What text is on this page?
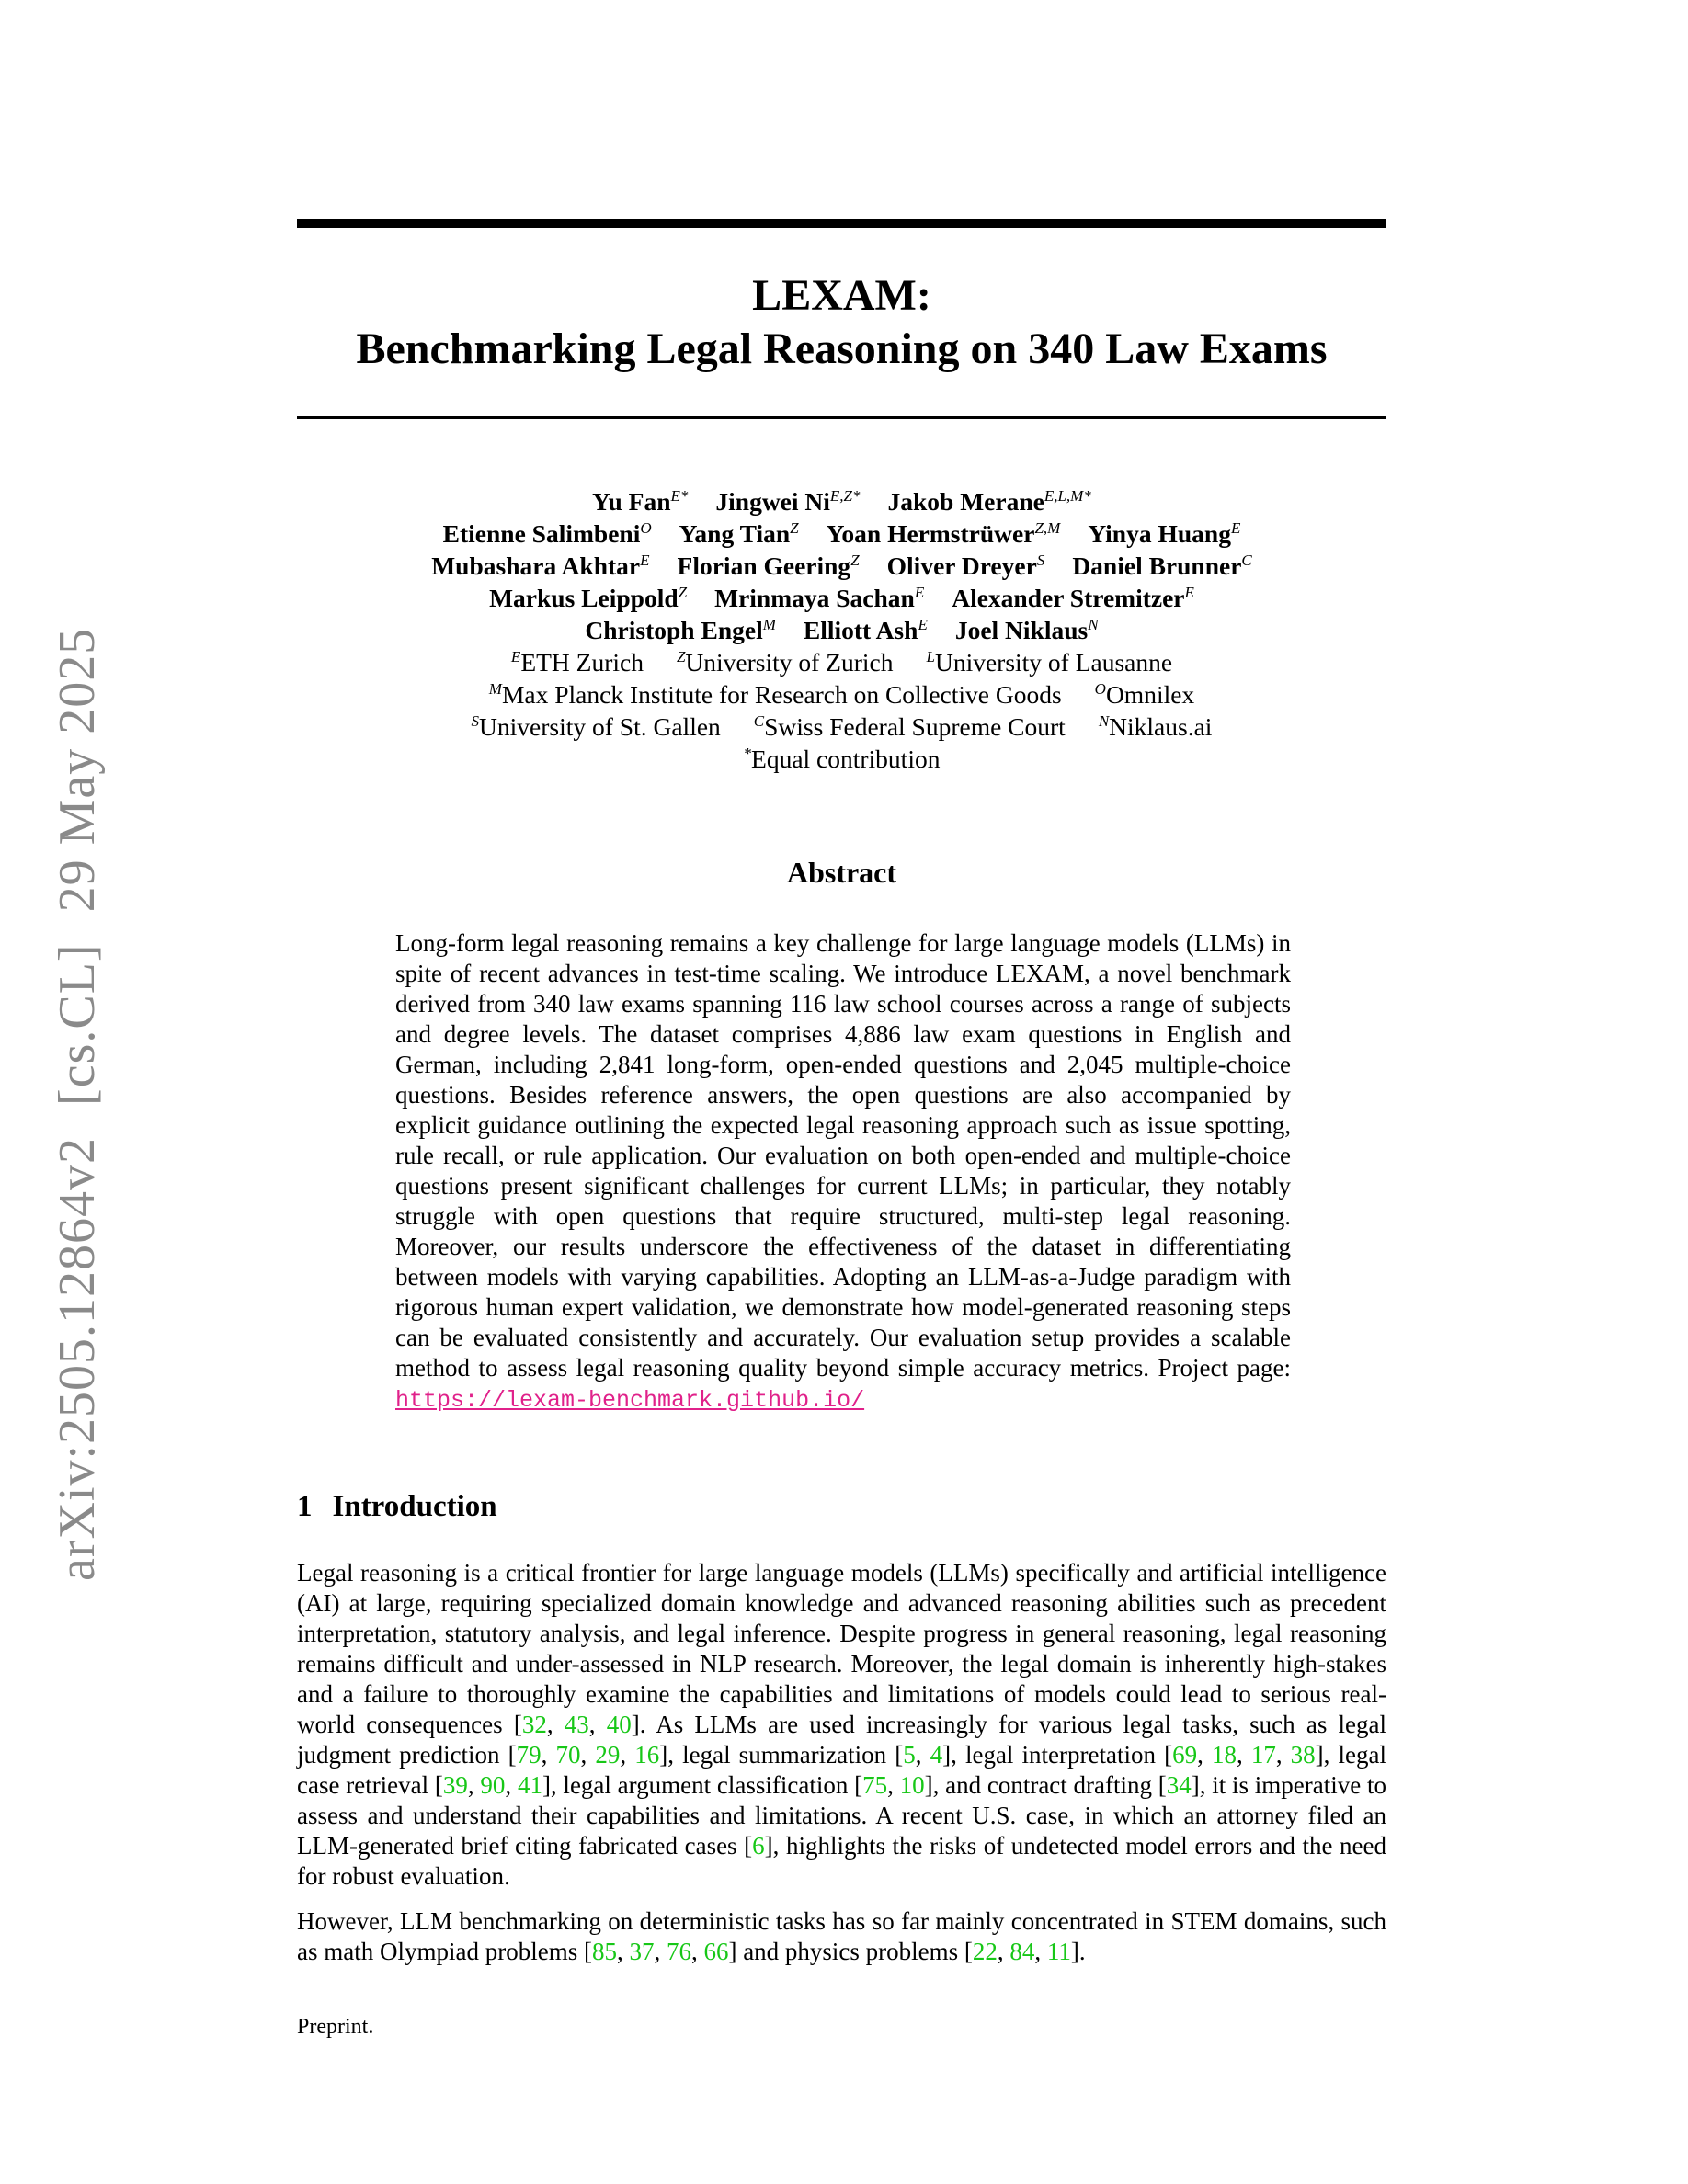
arXiv:2505.12864v2[cs.CL]29 May 2025
LEXAM:
Benchmarking Legal Reasoning on 340 Law Exams
Yu Fan$^{E*}$ Jingwei $Ni^{E,Z*}$ Jakob Merane$^{E,L,M*}$
Etienne Salimbeni$^O$ Yang Tian$^Z$ Yoan Hermstrüwer$^{Z,M}$ Yinya Huang$^E$
Mubashara Akhtar$^E$ Florian Geering$^Z$ Oliver Dreyer$^S$ Daniel Brunner$^C$
Markus Leippold$^Z$ Mrinmaya Sachan$^E$ Alexander Stremitzer$^E$
Christoph Engel$^M$ Elliott Ash$^E$ Joel Niklaus$^N$
$^E$ETH Zurich $^Z$University of Zurich $^L$University of Lausanne
$^M$Max Planck Institute for Research on Collective Goods $^O$Omnilex
$^S$University of St. Gallen $^C$Swiss Federal Supreme Court $^N$Niklaus.ai
*Equal contribution
Abstract
Long-form legal reasoning remains a key challenge for large language models (LLMs) in spite of recent advances in test-time scaling. We introduce LEXAM, a novel benchmark derived from 340 law exams spanning 116 law school courses across a range of subjects and degree levels. The dataset comprises 4,886 law exam questions in English and German, including 2,841 long-form, open-ended questions and 2,045 multiple-choice questions. Besides reference answers, the open questions are also accompanied by explicit guidance outlining the expected legal reasoning approach such as issue spotting, rule recall, or rule application. Our evaluation on both open-ended and multiple-choice questions present significant challenges for current LLMs; in particular, they notably struggle with open questions that require structured, multi-step legal reasoning. Moreover, our results underscore the effectiveness of the dataset in differentiating between models with varying capabilities. Adopting an LLM-as-a-Judge paradigm with rigorous human expert validation, we demonstrate how model-generated reasoning steps can be evaluated consistently and accurately. Our evaluation setup provides a scalable method to assess legal reasoning quality beyond simple accuracy metrics. Project page: https://lexam-benchmark.github.io/
1 Introduction

Legal reasoning is a critical frontier for large language models (LLMs) specifically and artificial intelligence (AI) at large, requiring specialized domain knowledge and advanced reasoning abilities such as precedent interpretation, statutory analysis, and legal inference. Despite progress in general reasoning, legal reasoning remains difficult and under-assessed in NLP research. Moreover, the legal domain is inherently high-stakes and a failure to thoroughly examine the capabilities and limitations of models could lead to serious real-world consequences [32, 43, 40]. As LLMs are used increasingly for various legal tasks, such as legal judgment prediction [79, 70, 29, 16], legal summarization [5, 4], legal interpretation [69, 18, 17, 38], legal case retrieval [39, 90, 41], legal argument classification [75, 10], and contract drafting [34], it is imperative to assess and understand their capabilities and limitations. A recent U.S. case, in which an attorney filed an LLM-generated brief citing fabricated cases [6], highlights the risks of undetected model errors and the need for robust evaluation.

However, LLM benchmarking on deterministic tasks has so far mainly concentrated in STEM domains, such as math Olympiad problems [85, 37, 76, 66] and physics problems [22, 84, 11].

Preprint.
